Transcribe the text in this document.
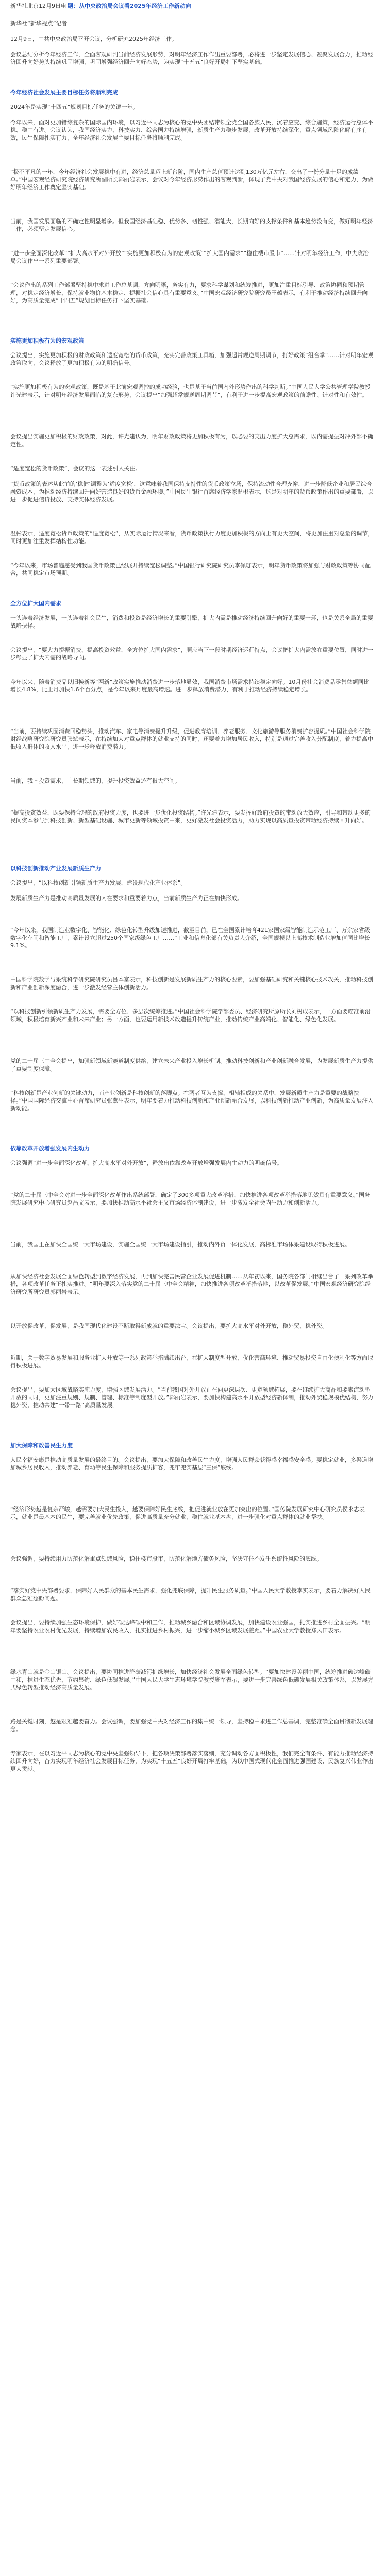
新华社北京12月9日电 题：从中央政治局会议看2025年经济工作新动向

新华社“新华视点”记者

12月9日，中共中央政治局召开会议，分析研究2025年经济工作。

会议总结分析今年经济工作，全面客观研判当前经济发展形势，对明年经济工作作出重要部署，必将进一步坚定发展信心、凝聚发展合力，推动经济回升向好势头持续巩固增强，巩固增强经济回升向好态势，为实现“十五五”良好开局打下坚实基础。

今年经济社会发展主要目标任务将顺利完成

2024年是实现“十四五”规划目标任务的关键一年。

今年以来，面对更加错综复杂的国际国内环境，以习近平同志为核心的党中央团结带领全党全国各族人民，沉着应变、综合施策，经济运行总体平稳、稳中有进。会议认为，我国经济实力、科技实力、综合国力持续增强，新质生产力稳步发展，改革开放持续深化，重点领域风险化解有序有效，民生保障扎实有力，全年经济社会发展主要目标任务将顺利完成。

“极不平凡的一年，今年经济社会发展稳中有进，经济总量迈上新台阶，国内生产总值预计达到130万亿元左右，交出了一份分量十足的成绩单。”中国宏观经济研究院经济研究所副所长郭丽岩表示，会议对今年经济形势作出的客观判断，体现了党中央对我国经济发展的信心和定力，为做好明年经济工作奠定坚实基础。

当前，我国发展面临的不确定性明显增多。但我国经济基础稳、优势多、韧性强、潜能大，长期向好的支撑条件和基本趋势没有变，做好明年经济工作，必须坚定发展信心。

“进一步全面深化改革”“扩大高水平对外开放”“实施更加积极有为的宏观政策”“扩大国内需求”“稳住楼市股市”……针对明年经济工作，中央政治局会议作出一系列重要部署。

“会议作出的系列工作部署坚持稳中求进工作总基调，方向明晰，务实有力，要求科学谋划和统筹推进，更加注重目标引导、政策协同和预期管理，对稳定经济增长、保持就业物价基本稳定、提振社会信心具有重要意义。”中国宏观经济研究院研究员王蕴表示，有利于推动经济持续回升向好，为高质量完成“十四五”规划目标任务打下坚实基础。

实施更加积极有为的宏观政策

会议提出，实施更加积极的财政政策和适度宽松的货币政策，充实完善政策工具箱，加强超常规逆周期调节，打好政策“组合拳”……针对明年宏观政策取向，会议释放了更加积极有为的明确信号。

“实施更加积极有为的宏观政策，既是基于此前宏观调控的成功经验，也是基于当前国内外形势作出的科学判断。”中国人民大学公共管理学院教授许光建表示，针对明年经济发展面临的复杂形势，会议提出“加强超常规逆周期调节”，有利于进一步提高宏观政策的前瞻性、针对性和有效性。

会议提出实施更加积极的财政政策，对此，许光建认为，明年财政政策将更加积极有为，以必要的支出力度扩大总需求，以内需提振对冲外部不确定性。

“适度宽松的货币政策”，会议的这一表述引人关注。

“货币政策的表述从此前的‘稳健’调整为‘适度宽松’，这意味着我国保持支持性的货币政策立场，保持流动性合理充裕，进一步降低企业和居民综合融资成本，为推动经济持续回升向好营造良好的货币金融环境。”中国民生银行首席经济学家温彬表示，这是对明年的货币政策作出的重要部署，以进一步促进信贷投放、支持实体经济发展。

温彬表示，适度宽松货币政策的“适度宽松”，从实际运行情况来看，货币政策执行力度更加积极的方向上有更大空间，将更加注重对总量的调节，同时更加注重发挥结构性功能。

“今年以来，市场普遍感受到我国货币政策已经展开持续宽松调整。”中国银行研究院研究员李佩珈表示，明年货币政策将加强与财政政策等协同配合，共同稳定市场预期。

全方位扩大国内需求

一头连着经济发展，一头连着社会民生，消费和投资是经济增长的重要引擎，扩大内需是推动经济持续回升向好的重要一环，也是关系全局的重要战略抉择。

会议提出，“要大力提振消费、提高投资效益，全方位扩大国内需求”，顺应当下一段时期经济运行特点，会议把扩大内需放在重要位置，同时进一步彰显了扩大内需的战略导向。

今年以来，随着消费品以旧换新等“两新”政策实施推动消费进一步落地显效，我国消费市场需求持续稳定向好。10月份社会消费品零售总额同比增长4.8%，比上月加快1.6个百分点，是今年以来月度最高增速。进一步释放消费潜力，有利于推动经济持续稳定增长。

“当前，要持续巩固消费回稳势头，推动汽车、家电等消费提升升级，促进教育培训、养老服务、文化旅游等服务消费扩容提质。”中国社会科学院财经战略研究院研究员张斌表示，在持续加大对重点群体的就业支持的同时，还要着力增加居民收入，特别是通过完善收入分配制度，着力提高中低收入群体的收入水平，进一步释放消费潜力。

当前，我国投资需求，中长期领域的，提升投资效益还有很大空间。

“提高投资效益，既要保持合理的政府投资力度，也要进一步优化投资结构。”许光建表示，要发挥好政府投资的带动放大效应，引导和带动更多的民间资本参与到科技创新、新型基础设施、城市更新等领域投资中来，更好激发社会投资活力，助力实现以高质量投资带动经济持续回升向好。

以科技创新推动产业发展新质生产力

会议提出，“以科技创新引领新质生产力发展，建设现代化产业体系”。

发展新质生产力是推动高质量发展的内在要求和重要着力点，当前新质生产力正在加快形成。

“今年以来，我国制造业数字化、智能化、绿色化转型升级加速推进，截至目前，已在全国累计培育421家国家级智能制造示范工厂、万余家省级数字化车间和智能工厂，累计设立超过250个国家级绿色工厂……”工业和信息化部有关负责人介绍，全国规模以上高技术制造业增加值同比增长9.1%。

中国科学院数学与系统科学研究院研究员吕本富表示，科技创新是发展新质生产力的核心要素，要加强基础研究和关键核心技术攻关，推动科技创新和产业创新深度融合，进一步激发经营主体创新活力。

“以科技创新引领新质生产力发展，需要全方位、多层次统筹推进。”中国社会科学院学部委员、经济研究所原所长刘树成表示，一方面要瞄准前沿领域，积极培育新兴产业和未来产业；另一方面，也要运用新技术改造提升传统产业，推动传统产业高端化、智能化、绿色化发展。

党的二十届三中全会提出，加强新领域新赛道制度供给，建立未来产业投入增长机制。推动科技创新和产业创新融合发展，为发展新质生产力提供了重要制度保障。

“科技创新是产业创新的关键动力，而产业创新是科技创新的落脚点。在两者互为支撑、相辅相成的关系中，发展新质生产力是重要的战略抉择。”中国国际经济交流中心首席研究员张燕生表示，明年要着力推动科技创新和产业创新融合发展，以科技创新推动产业创新，为高质量发展注入新动能。

依靠改革开放增强发展内生动力

会议强调“进一步全面深化改革、扩大高水平对外开放”，释放出依靠改革开放增强发展内生动力的明确信号。

“党的二十届三中全会对进一步全面深化改革作出系统部署，确定了300多项重大改革举措，加快推进各项改革举措落地见效具有重要意义。”国务院发展研究中心研究员赵昌文表示，要加快推动高水平社会主义市场经济体制建设，进一步激发全社会内生动力和创新活力。

当前，我国正在加快全国统一大市场建设，实施全国统一大市场建设指引，推动内外贸一体化发展，高标准市场体系建设取得积极进展。

从加快经济社会发展全面绿色转型到数字经济发展，再到加快完善民营企业发展促进机制……从年初以来，国务院各部门相继出台了一系列改革举措，各项改革任务正扎实推进。“明年要深入落实党的二十届三中全会精神，加快推进各项改革举措落地，以改革促发展。”中国宏观经济研究院经济研究所研究员郭丽岩表示。

以开放促改革、促发展，是我国现代化建设不断取得新成就的重要法宝。会议提出，要扩大高水平对外开放，稳外贸、稳外资。

近期，关于数字贸易发展和服务业扩大开放等一系列政策举措陆续出台，在扩大制度型开放、优化营商环境、推动贸易投资自由化便利化等方面取得积极进展。

会议提出，要加大区域战略实施力度，增强区域发展活力。“当前我国对外开放正在向更深层次、更宽领域拓展，要在继续扩大商品和要素流动型开放的同时，更加注重规则、规制、管理、标准等制度型开放。”郭丽岩表示，要加快构建高水平开放型经济新体制，推动外贸稳规模优结构，努力稳外资，推动共建“一带一路”高质量发展。

加大保障和改善民生力度

人民幸福安康是推动高质量发展的最终目的。会议提出，要加大保障和改善民生力度，增强人民群众获得感幸福感安全感。要稳定就业，多渠道增加城乡居民收入，推动养老、育幼等民生保障和服务提质扩容，兜牢兜实基层“三保”底线。

“经济形势越是复杂严峻，越需要加大民生投入，越要保障好民生底线，把促进就业放在更加突出的位置。”国务院发展研究中心研究员侯永志表示，就业是最基本的民生，要完善就业优先政策，促进高质量充分就业，稳住就业基本盘，进一步强化对重点群体的就业帮扶。

会议强调，要持续用力防范化解重点领域风险，稳住楼市股市，防范化解地方债务风险，坚决守住不发生系统性风险的底线。

“落实好党中央部署要求，保障好人民群众的基本民生需求，强化兜底保障，提升民生服务质量。”中国人民大学教授李实表示，要着力解决好人民群众急难愁盼问题。

会议提出，要持续加强生态环境保护，做好碳达峰碳中和工作，推动城乡融合和区域协调发展，加快建设农业强国，扎实推进乡村全面振兴。“明年要坚持农业农村优先发展，持续增加农民收入，扎实推进乡村振兴，进一步缩小城乡区域发展差距。”中国农业大学教授郑风田表示。

绿水青山就是金山银山。会议提出，要协同推进降碳减污扩绿增长，加快经济社会发展全面绿色转型。“要加快建设美丽中国，统筹推进碳达峰碳中和，推进生态优先、节约集约、绿色低碳发展。”中国人民大学生态环境学院教授庞军表示，要进一步完善绿色低碳发展相关政策体系，以发展方式绿色转型推动经济高质量发展。

路是关键时刻，越是艰难越要奋力。会议强调，要加强党中央对经济工作的集中统一领导，坚持稳中求进工作总基调，完整准确全面贯彻新发展理念。

专家表示，在以习近平同志为核心的党中央坚强领导下，把各项决策部署落实落细，充分调动各方面积极性，我们完全有条件、有能力推动经济持续回升向好，奋力实现明年经济社会发展目标任务，为实现“十五五”良好开局打牢基础，为以中国式现代化全面推进强国建设、民族复兴伟业作出更大贡献。
